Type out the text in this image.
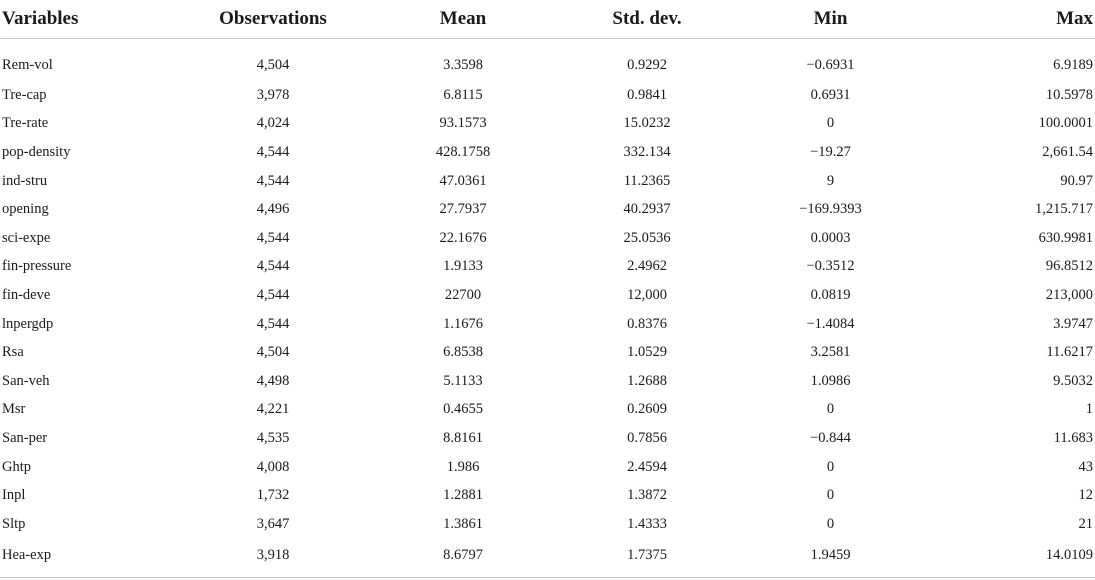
Variables	Observations	Mean	Std. dev.	Min	Max
Rem-vol	4,504	3.3598	0.9292	−0.6931	6.9189
Tre-cap	3,978	6.8115	0.9841	0.6931	10.5978
Tre-rate	4,024	93.1573	15.0232	0	100.0001
pop-density	4,544	428.1758	332.134	−19.27	2,661.54
ind-stru	4,544	47.0361	11.2365	9	90.97
opening	4,496	27.7937	40.2937	−169.9393	1,215.717
sci-expe	4,544	22.1676	25.0536	0.0003	630.9981
fin-pressure	4,544	1.9133	2.4962	−0.3512	96.8512
fin-deve	4,544	22700	12,000	0.0819	213,000
lnpergdp	4,544	1.1676	0.8376	−1.4084	3.9747
Rsa	4,504	6.8538	1.0529	3.2581	11.6217
San-veh	4,498	5.1133	1.2688	1.0986	9.5032
Msr	4,221	0.4655	0.2609	0	1
San-per	4,535	8.8161	0.7856	−0.844	11.683
Ghtp	4,008	1.986	2.4594	0	43
Inpl	1,732	1.2881	1.3872	0	12
Sltp	3,647	1.3861	1.4333	0	21
Hea-exp	3,918	8.6797	1.7375	1.9459	14.0109
